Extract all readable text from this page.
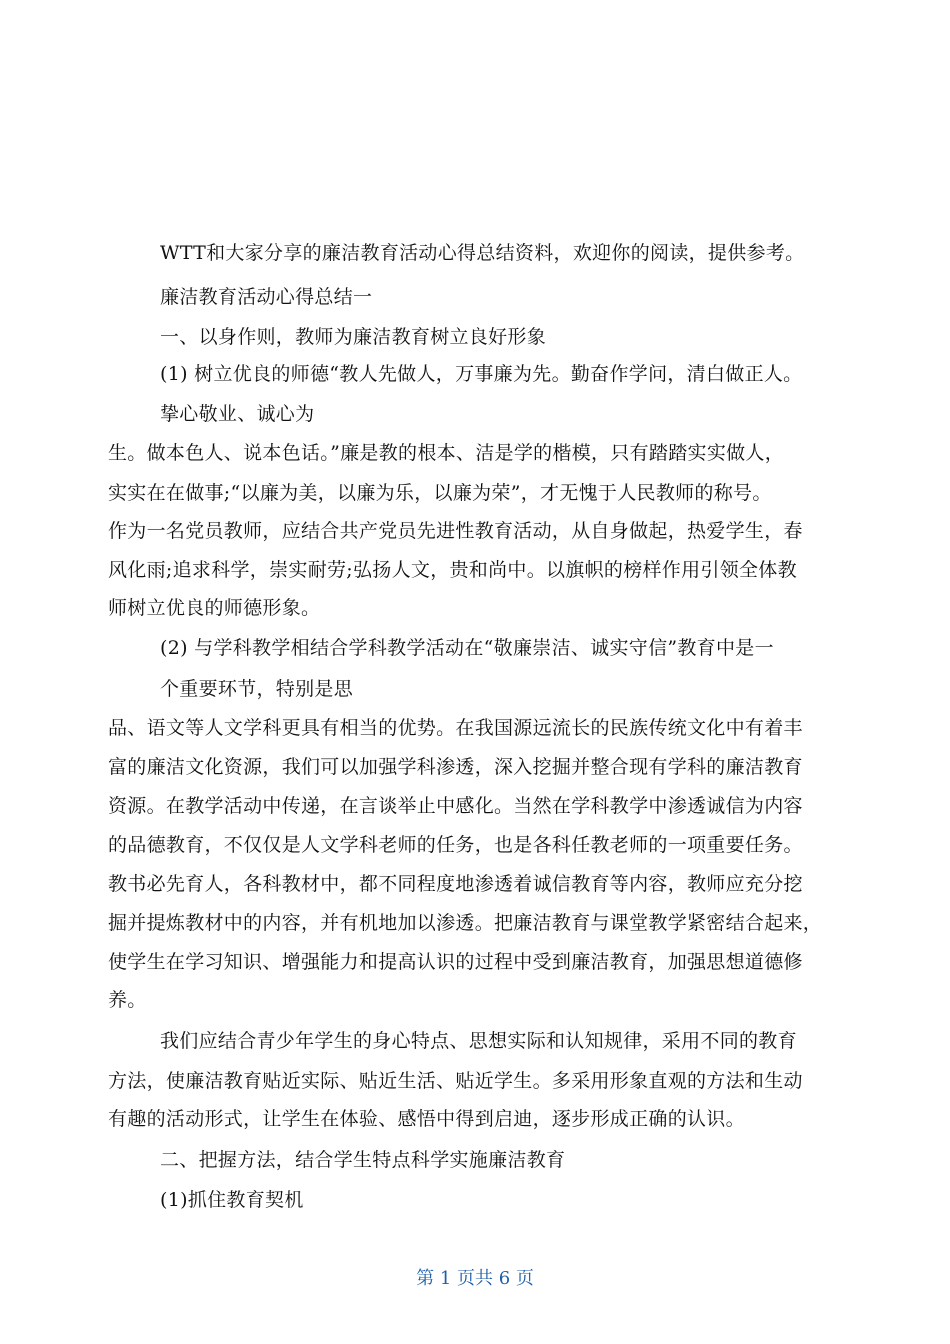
WTT和大家分享的廉洁教育活动心得总结资料，欢迎你的阅读，提供参考。
廉洁教育活动心得总结一
一、以身作则，教师为廉洁教育树立良好形象
(1) 树立优良的师德“教人先做人，万事廉为先。勤奋作学问，清白做正人。
挚心敬业、诚心为
生。做本色人、说本色话。”廉是教的根本、洁是学的楷模，只有踏踏实实做人，
实实在在做事;“以廉为美，以廉为乐，以廉为荣”，才无愧于人民教师的称号。
作为一名党员教师，应结合共产党员先进性教育活动，从自身做起，热爱学生，春
风化雨;追求科学，崇实耐劳;弘扬人文，贵和尚中。以旗帜的榜样作用引领全体教
师树立优良的师德形象。
(2) 与学科教学相结合学科教学活动在“敬廉崇洁、诚实守信”教育中是一
个重要环节，特别是思
品、语文等人文学科更具有相当的优势。在我国源远流长的民族传统文化中有着丰
富的廉洁文化资源，我们可以加强学科渗透，深入挖掘并整合现有学科的廉洁教育
资源。在教学活动中传递，在言谈举止中感化。当然在学科教学中渗透诚信为内容
的品德教育，不仅仅是人文学科老师的任务，也是各科任教老师的一项重要任务。
教书必先育人，各科教材中，都不同程度地渗透着诚信教育等内容，教师应充分挖
掘并提炼教材中的内容，并有机地加以渗透。把廉洁教育与课堂教学紧密结合起来，
使学生在学习知识、增强能力和提高认识的过程中受到廉洁教育，加强思想道德修
养。
我们应结合青少年学生的身心特点、思想实际和认知规律，采用不同的教育
方法，使廉洁教育贴近实际、贴近生活、贴近学生。多采用形象直观的方法和生动
有趣的活动形式，让学生在体验、感悟中得到启迪，逐步形成正确的认识。
二、把握方法，结合学生特点科学实施廉洁教育
(1)抓住教育契机
第 1 页共 6 页
